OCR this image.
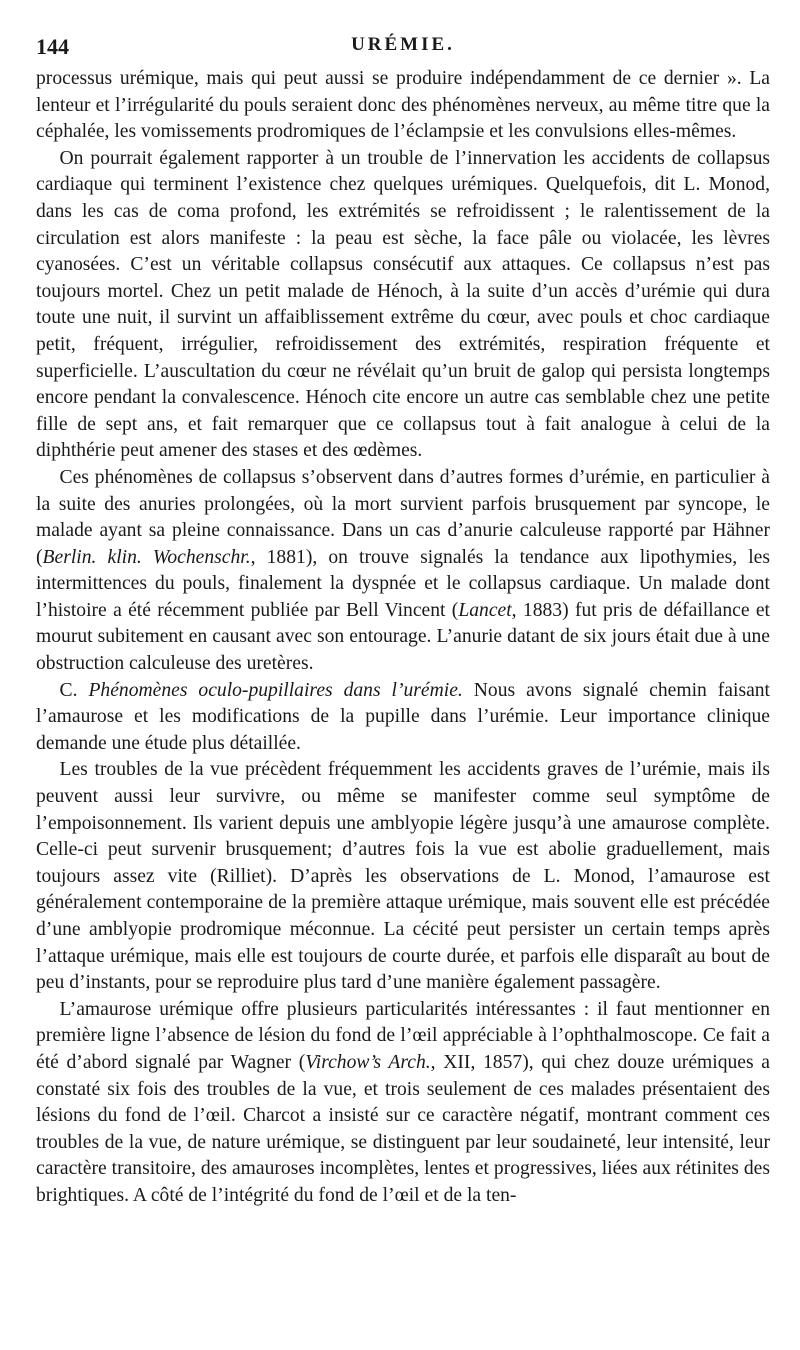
144	URÉMIE.

processus urémique, mais qui peut aussi se produire indépendamment de ce dernier ». La lenteur et l’irrégularité du pouls seraient donc des phénomènes nerveux, au même titre que la céphalée, les vomissements prodromiques de l’éclampsie et les convulsions elles-mêmes.

On pourrait également rapporter à un trouble de l’innervation les accidents de collapsus cardiaque qui terminent l’existence chez quelques urémiques. Quelquefois, dit L. Monod, dans les cas de coma profond, les extrémités se refroidissent ; le ralentissement de la circulation est alors manifeste : la peau est sèche, la face pâle ou violacée, les lèvres cyanosées. C’est un véritable collapsus consécutif aux attaques. Ce collapsus n’est pas toujours mortel. Chez un petit malade de Hénoch, à la suite d’un accès d’urémie qui dura toute une nuit, il survint un affaiblissement extrême du cœur, avec pouls et choc cardiaque petit, fréquent, irrégulier, refroidissement des extrémités, respiration fréquente et superficielle. L’auscultation du cœur ne révélait qu’un bruit de galop qui persista longtemps encore pendant la convalescence. Hénoch cite encore un autre cas semblable chez une petite fille de sept ans, et fait remarquer que ce collapsus tout à fait analogue à celui de la diphthérie peut amener des stases et des œdèmes.

Ces phénomènes de collapsus s’observent dans d’autres formes d’urémie, en particulier à la suite des anuries prolongées, où la mort survient parfois brusquement par syncope, le malade ayant sa pleine connaissance. Dans un cas d’anurie calculeuse rapporté par Hähner (Berlin. klin. Wochenschr., 1881), on trouve signalés la tendance aux lipothymies, les intermittences du pouls, finalement la dyspnée et le collapsus cardiaque. Un malade dont l’histoire a été récemment publiée par Bell Vincent (Lancet, 1883) fut pris de défaillance et mourut subitement en causant avec son entourage. L’anurie datant de six jours était due à une obstruction calculeuse des uretères.

C. Phénomènes oculo-pupillaires dans l’urémie. Nous avons signalé chemin faisant l’amaurose et les modifications de la pupille dans l’urémie. Leur importance clinique demande une étude plus détaillée.

Les troubles de la vue précèdent fréquemment les accidents graves de l’urémie, mais ils peuvent aussi leur survivre, ou même se manifester comme seul symptôme de l’empoisonnement. Ils varient depuis une amblyopie légère jusqu’à une amaurose complète. Celle-ci peut survenir brusquement; d’autres fois la vue est abolie graduellement, mais toujours assez vite (Rilliet). D’après les observations de L. Monod, l’amaurose est généralement contemporaine de la première attaque urémique, mais souvent elle est précédée d’une amblyopie prodromique méconnue. La cécité peut persister un certain temps après l’attaque urémique, mais elle est toujours de courte durée, et parfois elle disparaît au bout de peu d’instants, pour se reproduire plus tard d’une manière également passagère.

L’amaurose urémique offre plusieurs particularités intéressantes : il faut mentionner en première ligne l’absence de lésion du fond de l’œil appréciable à l’ophthalmoscope. Ce fait a été d’abord signalé par Wagner (Virchow’s Arch., XII, 1857), qui chez douze urémiques a constaté six fois des troubles de la vue, et trois seulement de ces malades présentaient des lésions du fond de l’œil. Charcot a insisté sur ce caractère négatif, montrant comment ces troubles de la vue, de nature urémique, se distinguent par leur soudaineté, leur intensité, leur caractère transitoire, des amauroses incomplètes, lentes et progressives, liées aux rétinites des brightiques. A côté de l’intégrité du fond de l’œil et de la ten-
